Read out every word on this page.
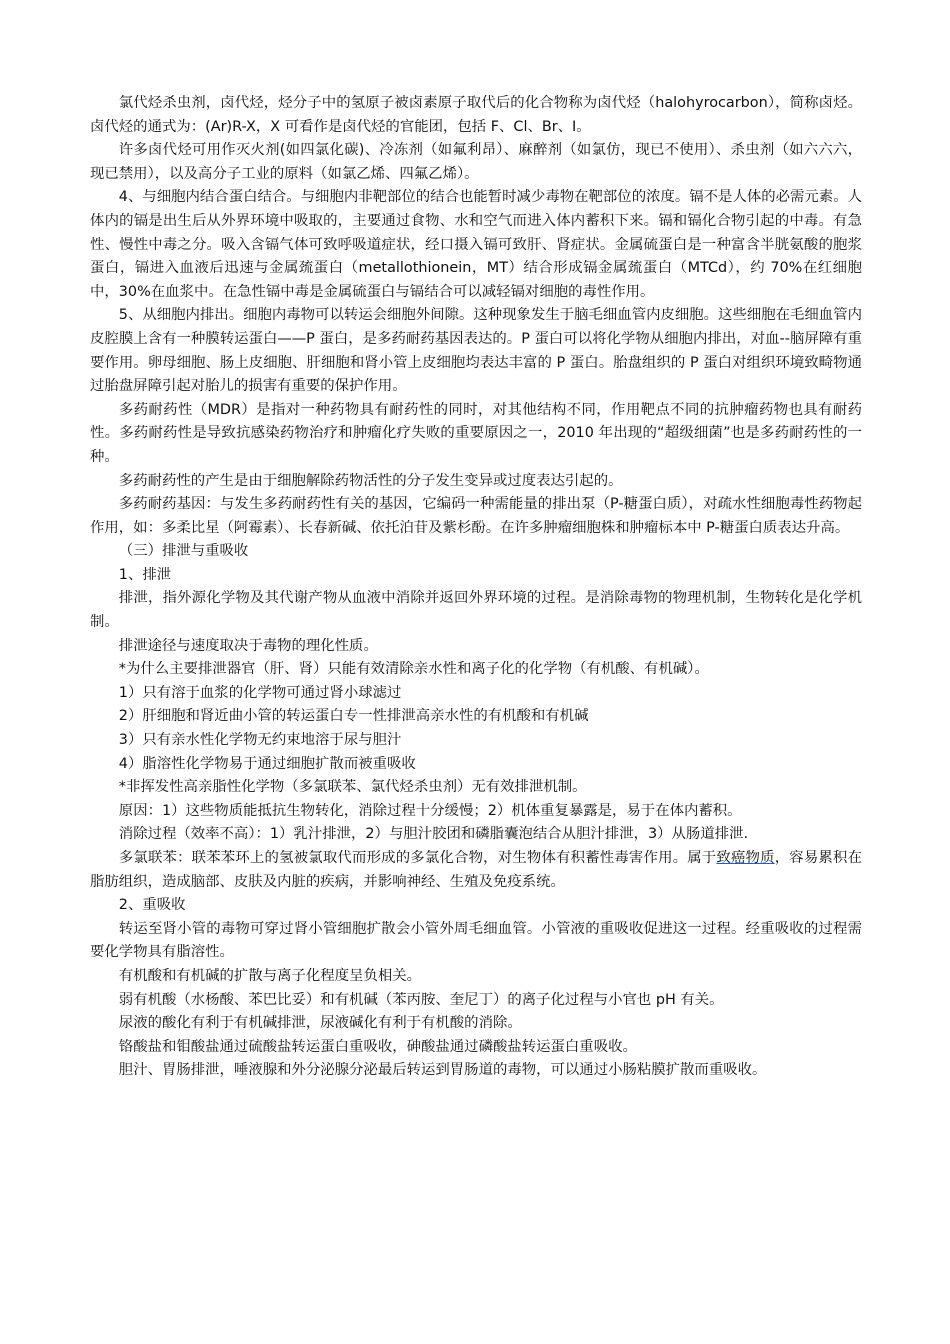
氯代烃杀虫剂，卤代烃，烃分子中的氢原子被卤素原子取代后的化合物称为卤代烃（halohyrocarbon），简称卤烃。卤代烃的通式为：(Ar)R-X，X 可看作是卤代烃的官能团，包括 F、Cl、Br、I。

许多卤代烃可用作灭火剂(如四氯化碳)、冷冻剂（如氟利昂）、麻醉剂（如氯仿，现已不使用）、杀虫剂（如六六六，现已禁用），以及高分子工业的原料（如氯乙烯、四氟乙烯）。

4、与细胞内结合蛋白结合。与细胞内非靶部位的结合也能暂时减少毒物在靶部位的浓度。镉不是人体的必需元素。人体内的镉是出生后从外界环境中吸取的，主要通过食物、水和空气而进入体内蓄积下来。镉和镉化合物引起的中毒。有急性、慢性中毒之分。吸入含镉气体可致呼吸道症状，经口摄入镉可致肝、肾症状。金属硫蛋白是一种富含半胱氨酸的胞浆蛋白，镉进入血液后迅速与金属巯蛋白（metallothionein，MT）结合形成镉金属巯蛋白（MTCd），约 70%在红细胞中，30%在血浆中。在急性镉中毒是金属硫蛋白与镉结合可以减轻镉对细胞的毒性作用。

5、从细胞内排出。细胞内毒物可以转运会细胞外间隙。这种现象发生于脑毛细血管内皮细胞。这些细胞在毛细血管内皮腔膜上含有一种膜转运蛋白——P 蛋白，是多药耐药基因表达的。P 蛋白可以将化学物从细胞内排出，对血--脑屏障有重要作用。卵母细胞、肠上皮细胞、肝细胞和肾小管上皮细胞均表达丰富的 P 蛋白。胎盘组织的 P 蛋白对组织环境致畸物通过胎盘屏障引起对胎儿的损害有重要的保护作用。

多药耐药性（MDR）是指对一种药物具有耐药性的同时，对其他结构不同，作用靶点不同的抗肿瘤药物也具有耐药性。多药耐药性是导致抗感染药物治疗和肿瘤化疗失败的重要原因之一，2010 年出现的“超级细菌”也是多药耐药性的一种。

多药耐药性的产生是由于细胞解除药物活性的分子发生变异或过度表达引起的。

多药耐药基因：与发生多药耐药性有关的基因，它编码一种需能量的排出泵（P-糖蛋白质），对疏水性细胞毒性药物起作用，如：多柔比星（阿霉素）、长春新碱、依托泊苷及紫杉酚。在许多肿瘤细胞株和肿瘤标本中 P-糖蛋白质表达升高。

（三）排泄与重吸收

1、排泄

排泄，指外源化学物及其代谢产物从血液中消除并返回外界环境的过程。是消除毒物的物理机制，生物转化是化学机制。

排泄途径与速度取决于毒物的理化性质。

*为什么主要排泄器官（肝、肾）只能有效清除亲水性和离子化的化学物（有机酸、有机碱）。

1）只有溶于血浆的化学物可通过肾小球滤过

2）肝细胞和肾近曲小管的转运蛋白专一性排泄高亲水性的有机酸和有机碱

3）只有亲水性化学物无约束地溶于尿与胆汁

4）脂溶性化学物易于通过细胞扩散而被重吸收

*非挥发性高亲脂性化学物（多氯联苯、氯代烃杀虫剂）无有效排泄机制。

原因：1）这些物质能抵抗生物转化，消除过程十分缓慢；2）机体重复暴露是，易于在体内蓄积。

消除过程（效率不高）：1）乳汁排泄，2）与胆汁胶团和磷脂囊泡结合从胆汁排泄，3）从肠道排泄.

多氯联苯：联苯苯环上的氢被氯取代而形成的多氯化合物，对生物体有积蓄性毒害作用。属于致癌物质，容易累积在脂肪组织，造成脑部、皮肤及内脏的疾病，并影响神经、生殖及免疫系统。

2、重吸收

转运至肾小管的毒物可穿过肾小管细胞扩散会小管外周毛细血管。小管液的重吸收促进这一过程。经重吸收的过程需要化学物具有脂溶性。

有机酸和有机碱的扩散与离子化程度呈负相关。

弱有机酸（水杨酸、苯巴比妥）和有机碱（苯丙胺、奎尼丁）的离子化过程与小官也 pH 有关。

尿液的酸化有利于有机碱排泄，尿液碱化有利于有机酸的消除。

铬酸盐和钼酸盐通过硫酸盐转运蛋白重吸收，砷酸盐通过磷酸盐转运蛋白重吸收。

胆汁、胃肠排泄，唾液腺和外分泌腺分泌最后转运到胃肠道的毒物，可以通过小肠粘膜扩散而重吸收。
